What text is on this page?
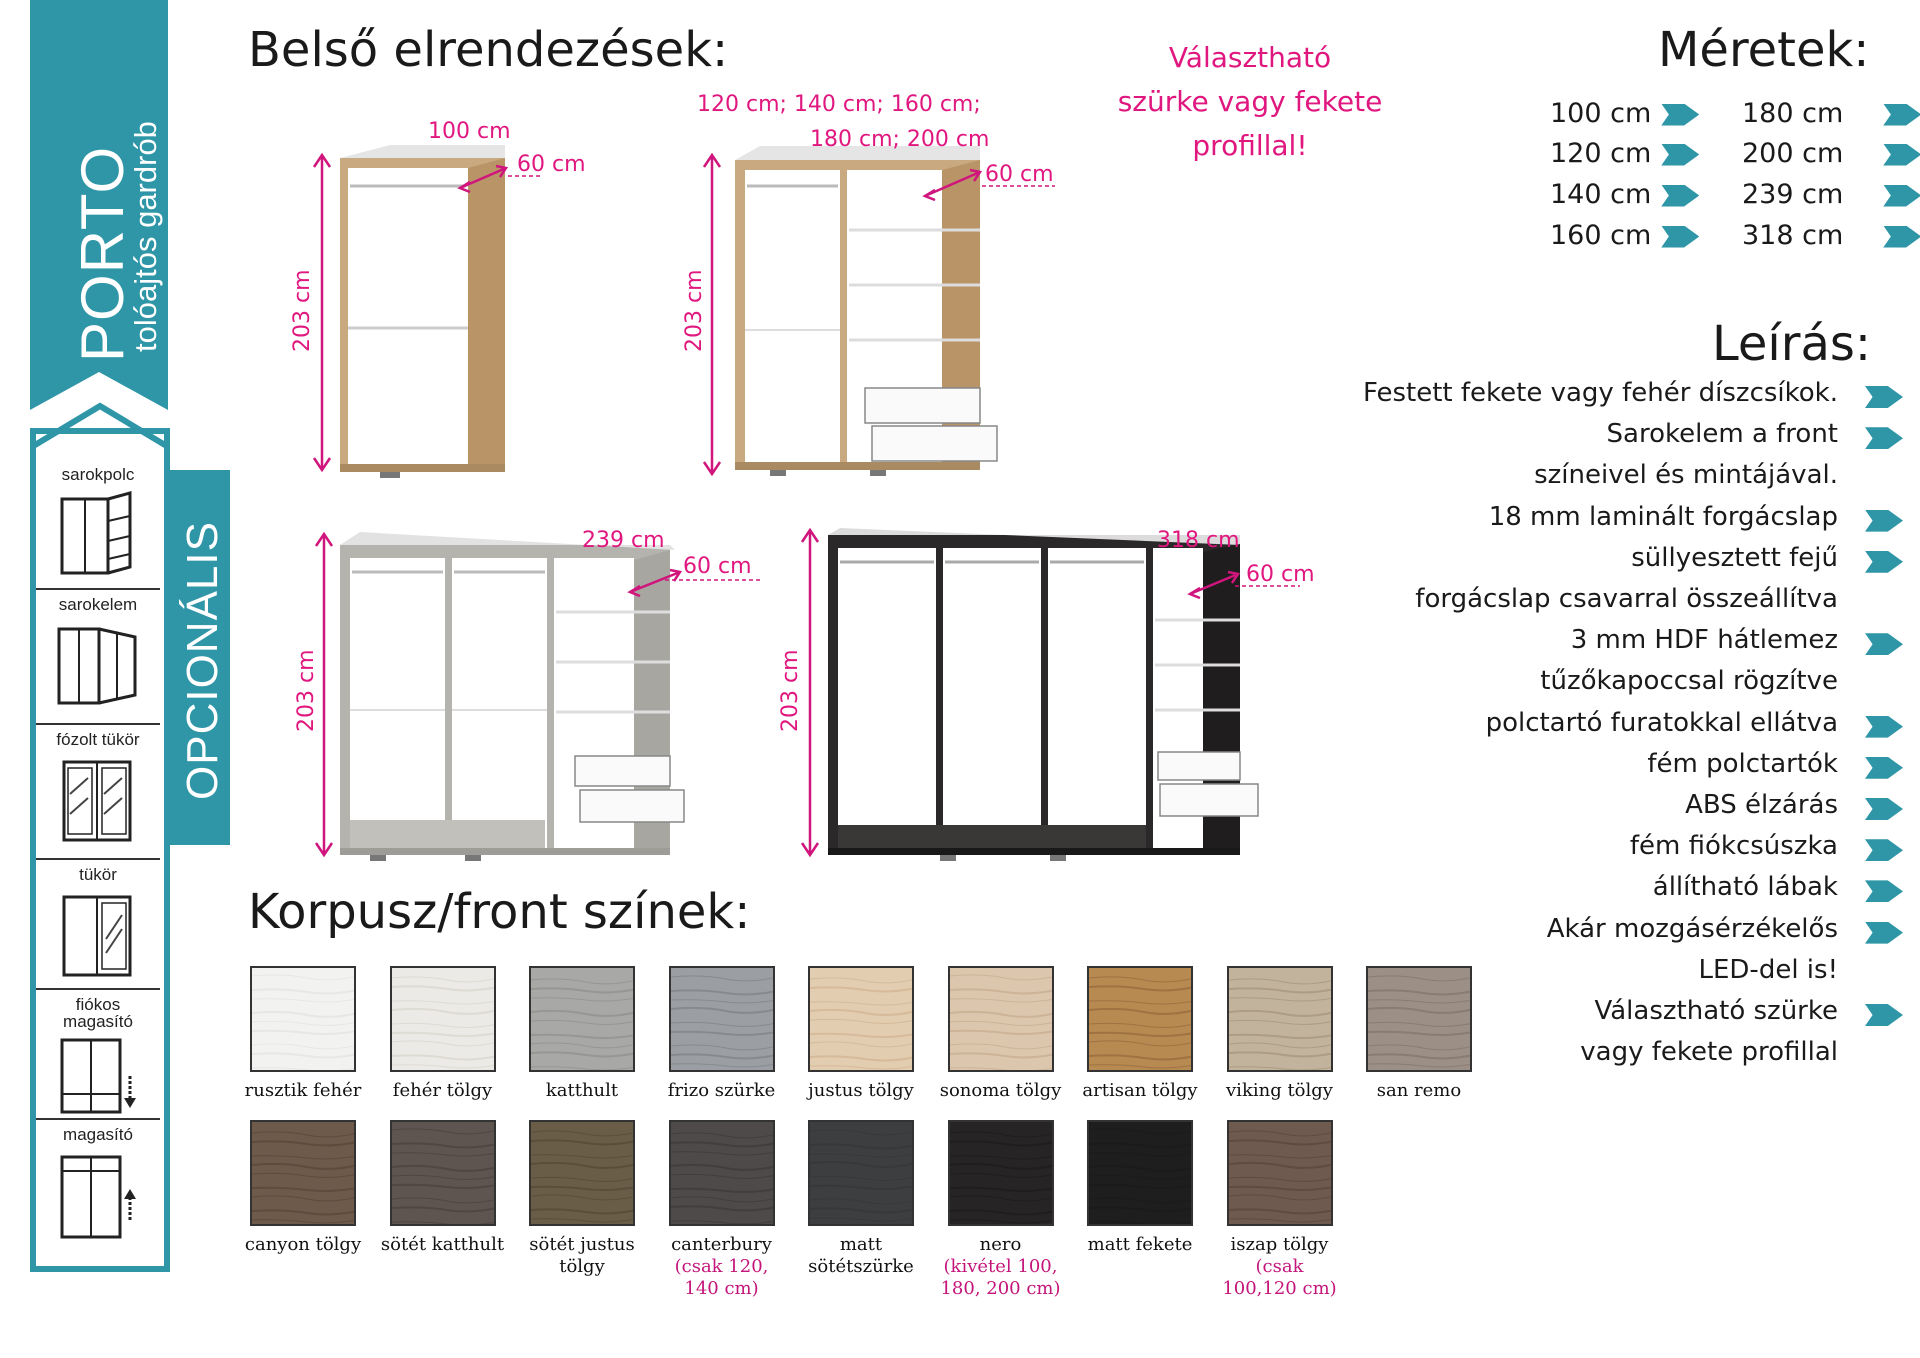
PORTO
tolóajtós gardrób
OPCIONÁLIS
sarokpolc
sarokelem
fózolt tükör
tükör
fiókos magasító
magasító
Belső elrendezések:	Választható
szürke vagy fekete
profillal!
Méretek:
100 cm
120 cm
140 cm
160 cm
180 cm
200 cm
239 cm
318 cm
Leírás:
Festett fekete vagy fehér díszcsíkok.
Sarokelem a front
színeivel és mintájával.
18 mm laminált forgácslap
süllyesztett fejű
forgácslap csavarral összeállítva
3 mm HDF hátlemez
tűzőkapoccsal rögzítve
polctartó furatokkal ellátva
fém polctartók
ABS élzárás
fém fiókcsúszka
állítható lábak
Akár mozgásérzékelős
LED-del is!
Választható szürke
vagy fekete profillal
100 cm
60 cm
203 cm
120 cm; 140 cm; 160 cm;
180 cm; 200 cm
60 cm
203 cm
239 cm
60 cm
203 cm
318 cm
60 cm
203 cm
Korpusz/front színek:
rusztik fehér	fehér tölgy	katthult	frizo szürke	justus tölgy	sonoma tölgy	artisan tölgy	viking tölgy	san remo
canyon tölgy	sötét katthult	sötét justus tölgy
canterbury
(csak 120, 140 cm)
matt sötétszürke
nero
(kivétel 100, 180, 200 cm)
matt fekete	iszap tölgy
(csak 100,120 cm)
